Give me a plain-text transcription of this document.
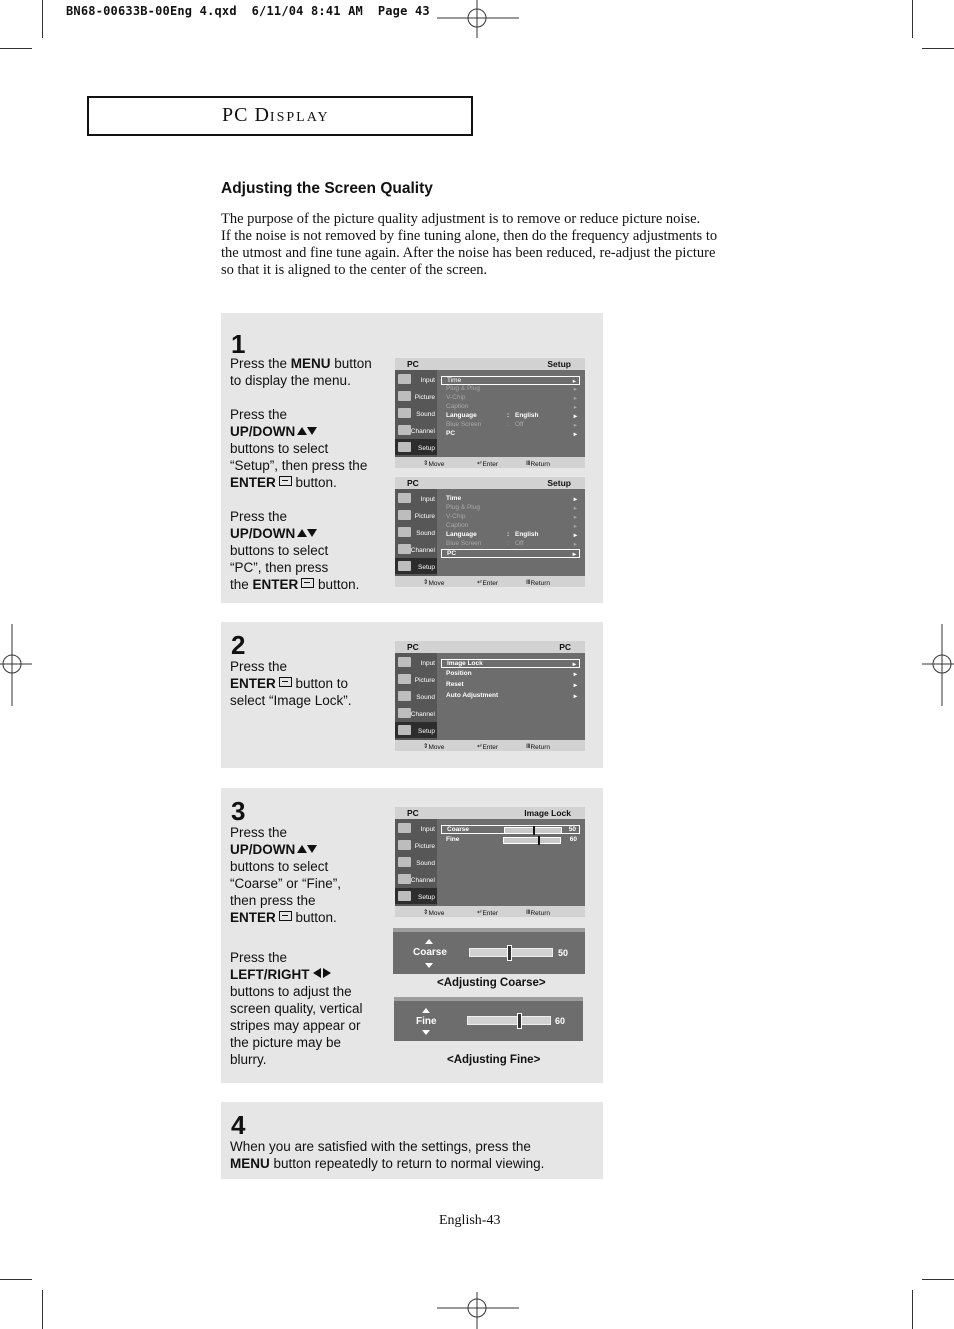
BN68-00633B-00Eng 4.qxd  6/11/04 8:41 AM  Page 43
PC DISPLAY
Adjusting the Screen Quality
The purpose of the picture quality adjustment is to remove or reduce picture noise.
If the noise is not removed by fine tuning alone, then do the frequency adjustments to
the utmost and fine tune again. After the noise has been reduced, re-adjust the picture
so that it is aligned to the center of the screen.
1
Press the MENU button
to display the menu.

Press the
UP/DOWN
buttons to select
“Setup”, then press the
ENTER button.

Press the
UP/DOWN
buttons to select
“PC”, then press
the ENTER button.
PC	Setup
Input
Picture
Sound
Channel
Setup
Time	▸
Plug & Plug	▸
V-Chip	▸
Caption	▸
Language	: English	▸
Blue Screen	: Off	▸
PC	▸
⇕ Move	↵ Enter	Ⅲ Return
PC	Setup
Input
Picture
Sound
Channel
Setup
Time	▸
Plug & Plug	▸
V-Chip	▸
Caption	▸
Language	: English	▸
Blue Screen	: Off	▸
PC	▸
⇕ Move	↵ Enter	Ⅲ Return
2
Press the
ENTER button to
select “Image Lock”.
PC	PC
Input
Picture
Sound
Channel
Setup
Image Lock	▸
Position	▸
Reset	▸
Auto Adjustment	▸
⇕ Move	↵ Enter	Ⅲ Return
3
Press the
UP/DOWN
buttons to select
“Coarse” or “Fine”,
then press the
ENTER button.
Press the
LEFT/RIGHT
buttons to adjust the
screen quality, vertical
stripes may appear or
the picture may be
blurry.
PC	Image Lock
Input
Picture
Sound
Channel
Setup
Coarse	50
Fine	60
⇕ Move	↵ Enter	Ⅲ Return
Coarse	50
<Adjusting Coarse>
Fine	60
<Adjusting Fine>
4
When you are satisfied with the settings, press the
MENU button repeatedly to return to normal viewing.
English-43
